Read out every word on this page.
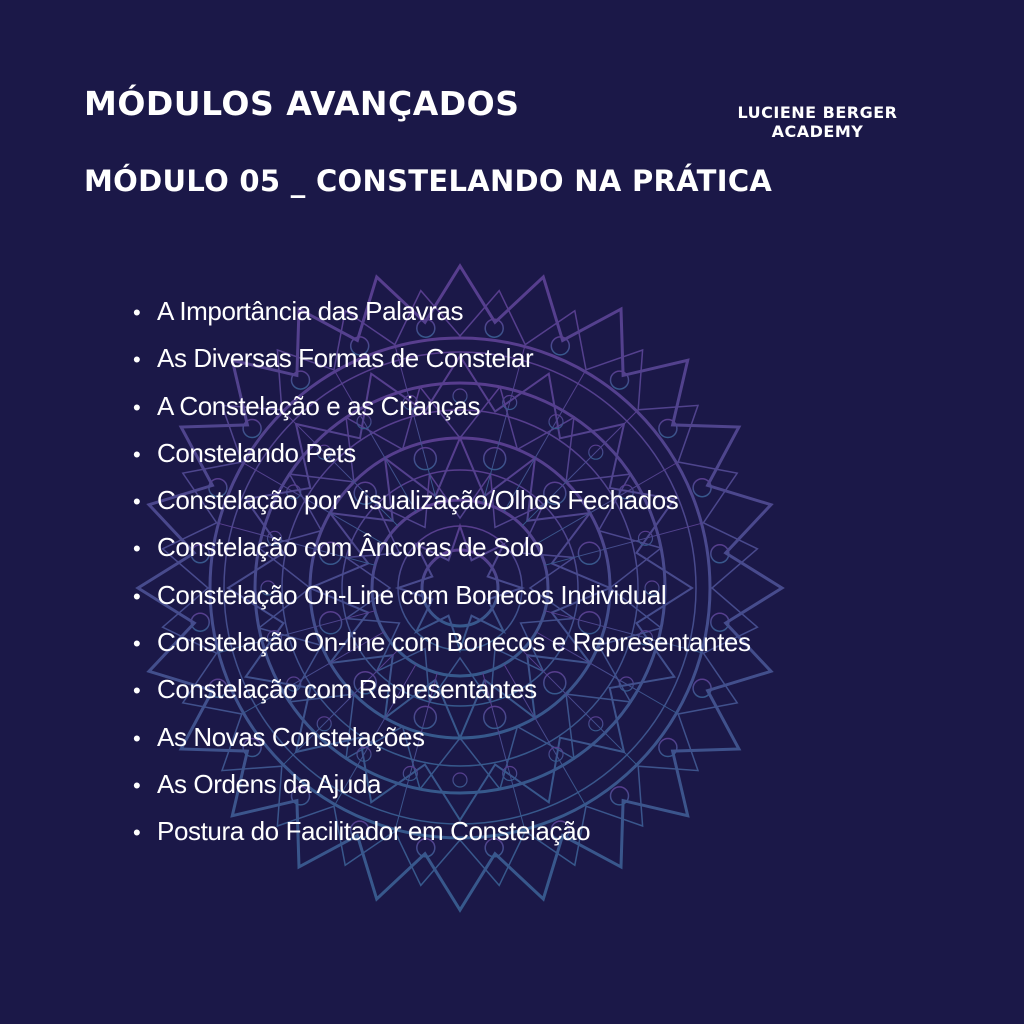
MÓDULOS AVANÇADOS	LUCIENE BERGER
ACADEMY
MÓDULO 05 _ CONSTELANDO NA PRÁTICA
• A Importância das Palavras
• As Diversas Formas de Constelar
• A Constelação e as Crianças
• Constelando Pets
• Constelação por Visualização/Olhos Fechados
• Constelação com Âncoras de Solo
• Constelação On-Line com Bonecos Individual
• Constelação On-line com Bonecos e Representantes
• Constelação com Representantes
• As Novas Constelações
• As Ordens da Ajuda
• Postura do Facilitador em Constelação
